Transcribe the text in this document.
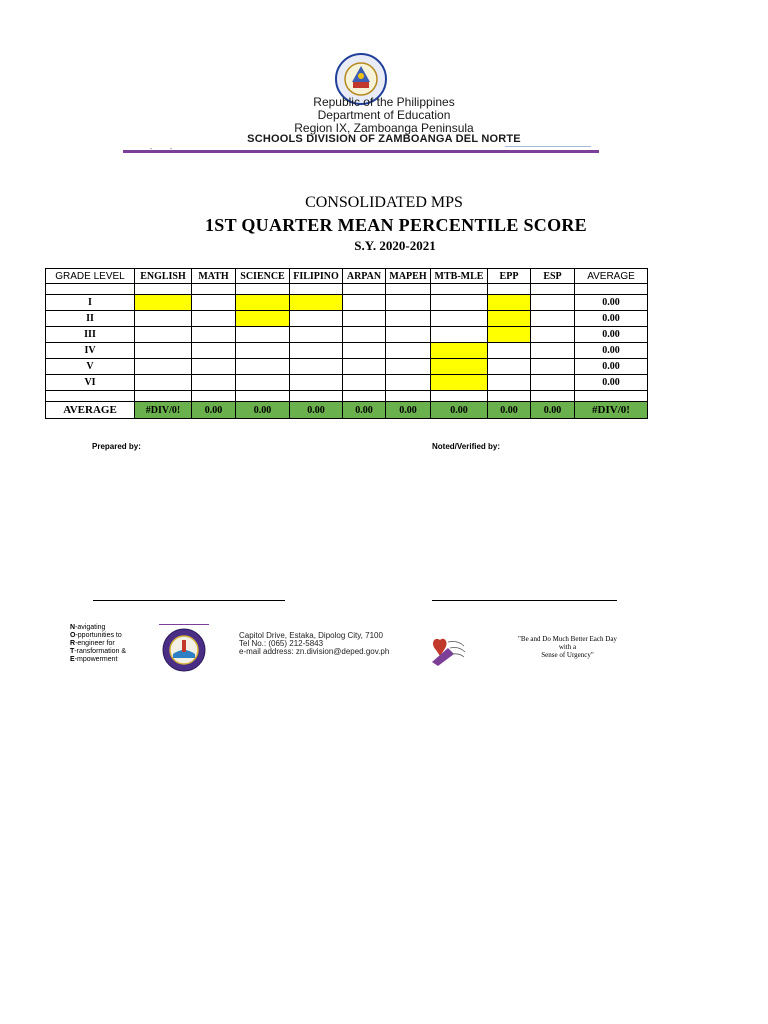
Republic of the Philippines
Department of Education
Region IX, Zamboanga Peninsula
SCHOOLS DIVISION OF ZAMBOANGA DEL NORTE
CONSOLIDATED MPS
1ST QUARTER MEAN PERCENTILE SCORE
S.Y. 2020-2021
GRADE LEVEL	ENGLISH	MATH	SCIENCE	FILIPINO	ARPAN	MAPEH	MTB-MLE	EPP	ESP	AVERAGE

I										0.00
II										0.00
III										0.00
IV										0.00
V										0.00
VI										0.00

AVERAGE	#DIV/0!	0.00	0.00	0.00	0.00	0.00	0.00	0.00	0.00	#DIV/0!
Prepared by:	Noted/Verified by:
N-avigating
O-pportunities to
R-engineer for
T-ransformation &
E-mpowerment
Capitol Drive, Estaka, Dipolog City, 7100
Tel No.: (065) 212-5843
e-mail address: zn.division@deped.gov.ph
"Be and Do Much Better Each Day
with a
Sense of Urgency"
